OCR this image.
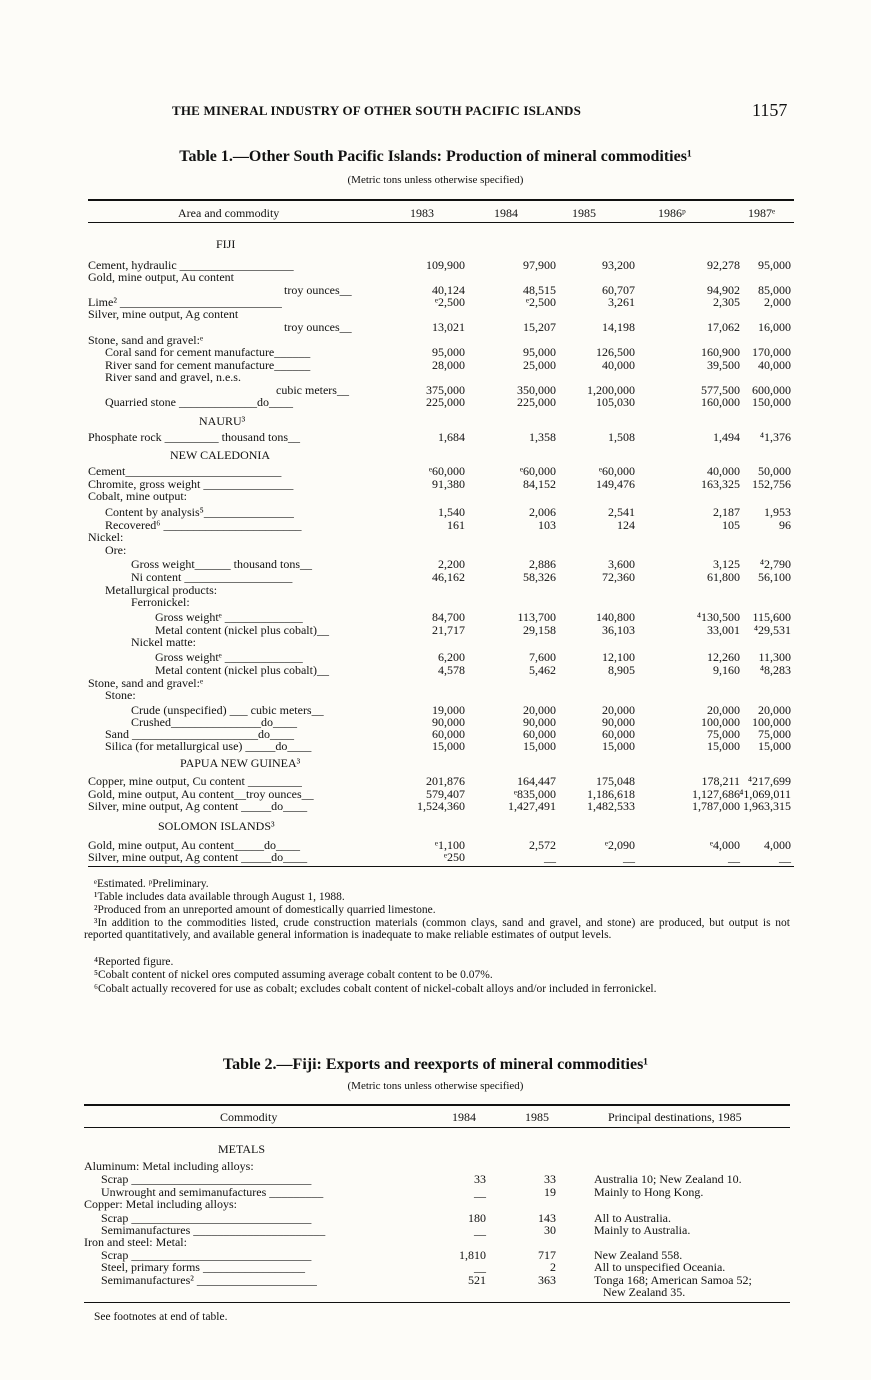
THE MINERAL INDUSTRY OF OTHER SOUTH PACIFIC ISLANDS	1157
Table 1.—Other South Pacific Islands: Production of mineral commodities¹
(Metric tons unless otherwise specified)
Area and commodity	1983	1984	1985	1986ᵖ	1987ᵉ
FIJI
Cement, hydraulic ___________________	109,900	97,900	93,200	92,278	95,000
Gold, mine output, Au content
troy ounces__	40,124	48,515	60,707	94,902	85,000
Lime² ___________________________	ᵉ2,500	ᵉ2,500	3,261	2,305	2,000
Silver, mine output, Ag content
troy ounces__	13,021	15,207	14,198	17,062	16,000
Stone, sand and gravel:ᵉ
Coral sand for cement manufacture______	95,000	95,000	126,500	160,900	170,000
River sand for cement manufacture______	28,000	25,000	40,000	39,500	40,000
River sand and gravel, n.e.s.
cubic meters__	375,000	350,000	1,200,000	577,500	600,000
Quarried stone _____________do____	225,000	225,000	105,030	160,000	150,000
NAURU³
Phosphate rock _________ thousand tons__	1,684	1,358	1,508	1,494	⁴1,376
NEW CALEDONIA
Cement__________________________	ᵉ60,000	ᵉ60,000	ᵉ60,000	40,000	50,000
Chromite, gross weight _______________	91,380	84,152	149,476	163,325	152,756
Cobalt, mine output:
Content by analysis⁵_______________	1,540	2,006	2,541	2,187	1,953
Recovered⁶ _______________________	161	103	124	105	96
Nickel:
Ore:
Gross weight______ thousand tons__	2,200	2,886	3,600	3,125	⁴2,790
Ni content __________________	46,162	58,326	72,360	61,800	56,100
Metallurgical products:
Ferronickel:
Gross weightᵉ _____________	84,700	113,700	140,800	⁴130,500	115,600
Metal content (nickel plus cobalt)__	21,717	29,158	36,103	33,001	⁴29,531
Nickel matte:
Gross weightᵉ _____________	6,200	7,600	12,100	12,260	11,300
Metal content (nickel plus cobalt)__	4,578	5,462	8,905	9,160	⁴8,283
Stone, sand and gravel:ᵉ
Stone:
Crude (unspecified) ___ cubic meters__	19,000	20,000	20,000	20,000	20,000
Crushed_______________do____	90,000	90,000	90,000	100,000	100,000
Sand _____________________do____	60,000	60,000	60,000	75,000	75,000
Silica (for metallurgical use) _____do____	15,000	15,000	15,000	15,000	15,000
PAPUA NEW GUINEA³
Copper, mine output, Cu content _________	201,876	164,447	175,048	178,211 ⁴217,699
Gold, mine output, Au content__troy ounces__	579,407	ᵉ835,000	1,186,618	1,127,686 ⁴1,069,011
Silver, mine output, Ag content _____do____	1,524,360	1,427,491	1,482,533	1,787,000 1,963,315
SOLOMON ISLANDS³
Gold, mine output, Au content_____do____	ᵉ1,100	2,572	ᵉ2,090	ᵉ4,000	4,000
Silver, mine output, Ag content _____do____	ᵉ250	__	__	__	__
ᵉEstimated. ᵖPreliminary.
¹Table includes data available through August 1, 1988.
²Produced from an unreported amount of domestically quarried limestone.
³In addition to the commodities listed, crude construction materials (common clays, sand and gravel, and stone) are produced, but output is not reported quantitatively, and available general information is inadequate to make reliable estimates of output levels.
⁴Reported figure.
⁵Cobalt content of nickel ores computed assuming average cobalt content to be 0.07%.
⁶Cobalt actually recovered for use as cobalt; excludes cobalt content of nickel-cobalt alloys and/or included in ferronickel.
Table 2.—Fiji: Exports and reexports of mineral commodities¹
(Metric tons unless otherwise specified)
Commodity	1984	1985	Principal destinations, 1985
METALS
Aluminum: Metal including alloys:
Scrap ______________________________	33	33	Australia 10; New Zealand 10.
Unwrought and semimanufactures _________	__	19	Mainly to Hong Kong.
Copper: Metal including alloys:
Scrap ______________________________	180	143	All to Australia.
Semimanufactures ______________________	__	30	Mainly to Australia.
Iron and steel: Metal:
Scrap ______________________________	1,810	717	New Zealand 558.
Steel, primary forms _________________	__	2	All to unspecified Oceania.
Semimanufactures² ____________________	521	363	Tonga 168; American Samoa 52;
New Zealand 35.
See footnotes at end of table.
